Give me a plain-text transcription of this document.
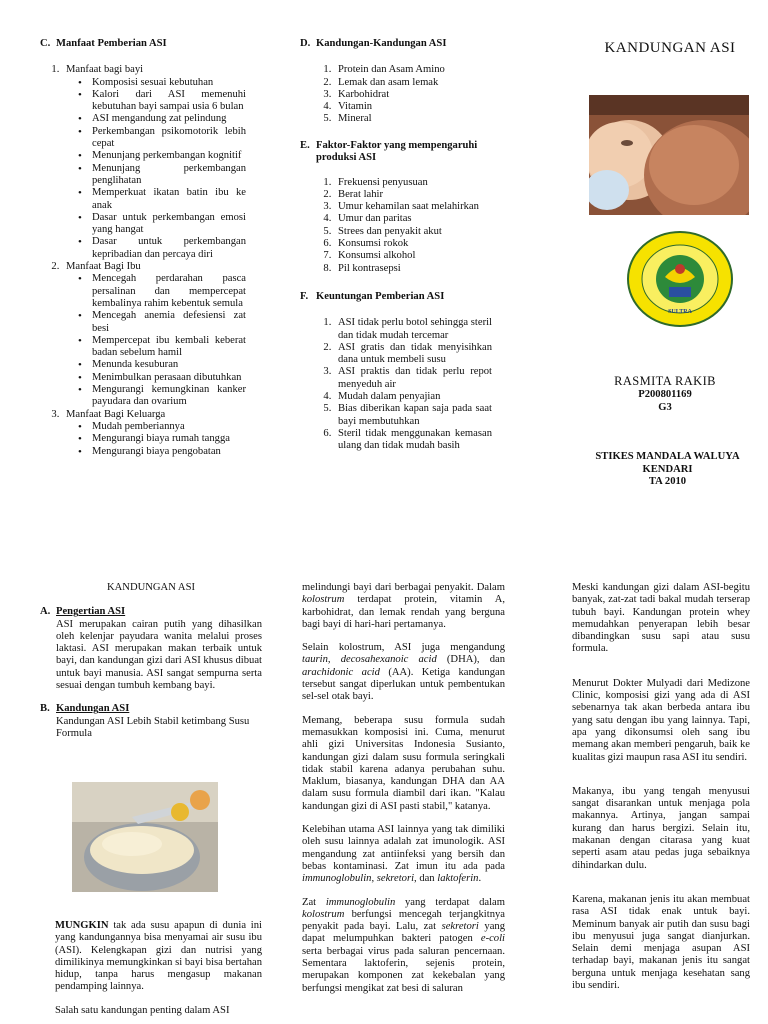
C. Manfaat Pemberian ASI
1. Manfaat bagi bayi
• Komposisi sesuai kebutuhan
• Kalori dari ASI memenuhi kebutuhan bayi sampai usia 6 bulan
• ASI mengandung zat pelindung
• Perkembangan psikomotorik lebih cepat
• Menunjang perkembangan kognitif
• Menunjang perkembangan penglihatan
• Memperkuat ikatan batin ibu ke anak
• Dasar untuk perkembangan emosi yang hangat
• Dasar untuk perkembangan kepribadian dan percaya diri
2. Manfaat Bagi Ibu
• Mencegah perdarahan pasca persalinan dan mempercepat kembalinya rahim kebentuk semula
• Mencegah anemia defesiensi zat besi
• Mempercepat ibu kembali keberat badan sebelum hamil
• Menunda kesuburan
• Menimbulkan perasaan dibutuhkan
• Mengurangi kemungkinan kanker payudara dan ovarium
3. Manfaat Bagi Keluarga
• Mudah pemberiannya
• Mengurangi biaya rumah tangga
• Mengurangi biaya pengobatan
D. Kandungan-Kandungan ASI
1. Protein dan Asam Amino
2. Lemak dan asam lemak
3. Karbohidrat
4. Vitamin
5. Mineral
E. Faktor-Faktor yang mempengaruhi produksi ASI
1. Frekuensi penyusuan
2. Berat lahir
3. Umur kehamilan saat melahirkan
4. Umur dan paritas
5. Strees dan penyakit akut
6. Konsumsi rokok
7. Konsumsi alkohol
8. Pil kontrasepsi
F. Keuntungan Pemberian ASI
1. ASI tidak perlu botol sehingga steril dan tidak mudah tercemar
2. ASI gratis dan tidak menyisihkan dana untuk membeli susu
3. ASI praktis dan tidak perlu repot menyeduh air
4. Mudah dalam penyajian
5. Bias diberikan kapan saja pada saat bayi membutuhkan
6. Steril tidak menggunakan kemasan ulang dan tidak mudah basih
KANDUNGAN ASI
SULTRA
RASMITA RAKIB
P200801169
G3
STIKES MANDALA WALUYA
KENDARI
TA 2010
KANDUNGAN ASI
A. Pengertian ASI

ASI merupakan cairan putih yang dihasilkan oleh kelenjar payudara wanita melalui proses laktasi. ASI merupakan makan terbaik untuk bayi, dan kandungan gizi dari ASI khusus dibuat untuk bayi manusia. ASI sangat sempurna serta sesuai dengan tumbuh kembang bayi.

B. Kandungan ASI

Kandungan ASI Lebih Stabil ketimbang Susu Formula

MUNGKIN tak ada susu apapun di dunia ini yang kandungannya bisa menyamai air susu ibu (ASI). Kelengkapan gizi dan nutrisi yang dimilikinya memungkinkan si bayi bisa bertahan hidup, tanpa harus mengasup makanan pendamping lainnya.

Salah satu kandungan penting dalam ASI

melindungi bayi dari berbagai penyakit. Dalam kolostrum terdapat protein, vitamin A, karbohidrat, dan lemak rendah yang berguna bagi bayi di hari-hari pertamanya.

Selain kolostrum, ASI juga mengandung taurin, decosahexanoic acid (DHA), dan arachidonic acid (AA). Ketiga kandungan tersebut sangat diperlukan untuk pembentukan sel-sel otak bayi.

Memang, beberapa susu formula sudah memasukkan komposisi ini. Cuma, menurut ahli gizi Universitas Indonesia Susianto, kandungan gizi dalam susu formula seringkali tidak stabil karena adanya perubahan suhu. Maklum, biasanya, kandungan DHA dan AA dalam susu formula diambil dari ikan. "Kalau kandungan gizi di ASI pasti stabil," katanya.

Kelebihan utama ASI lainnya yang tak dimiliki oleh susu lainnya adalah zat imunologik. ASI mengandung zat antiinfeksi yang bersih dan bebas kontaminasi. Zat imun itu ada pada immunoglobulin, sekretori, dan laktoferin.

Zat immunoglobulin yang terdapat dalam kolostrum berfungsi mencegah terjangkitnya penyakit pada bayi. Lalu, zat sekretori yang dapat melumpuhkan bakteri patogen e-coli serta berbagai virus pada saluran pencernaan. Sementara laktoferin, sejenis protein, merupakan komponen zat kekebalan yang berfungsi mengikat zat besi di saluran

Meski kandungan gizi dalam ASI-begitu banyak, zat-zat tadi bakal mudah terserap tubuh bayi. Kandungan protein whey memudahkan penyerapan lebih besar dibandingkan susu sapi atau susu formula.

Menurut Dokter Mulyadi dari Medizone Clinic, komposisi gizi yang ada di ASI sebenarnya tak akan berbeda antara ibu yang satu dengan ibu yang lainnya. Tapi, apa yang dikonsumsi oleh sang ibu memang akan memberi pengaruh, baik ke kualitas gizi maupun rasa ASI itu sendiri.

Makanya, ibu yang tengah menyusui sangat disarankan untuk menjaga pola makannya. Artinya, jangan sampai kurang dan harus bergizi. Selain itu, makanan dengan citarasa yang kuat seperti asam atau pedas juga sebaiknya dihindarkan dulu.

Karena, makanan jenis itu akan membuat rasa ASI tidak enak untuk bayi. Meminum banyak air putih dan susu bagi ibu menyusui juga sangat dianjurkan. Selain demi menjaga asupan ASI terhadap bayi, makanan jenis itu sangat berguna untuk menjaga kesehatan sang ibu sendiri.
